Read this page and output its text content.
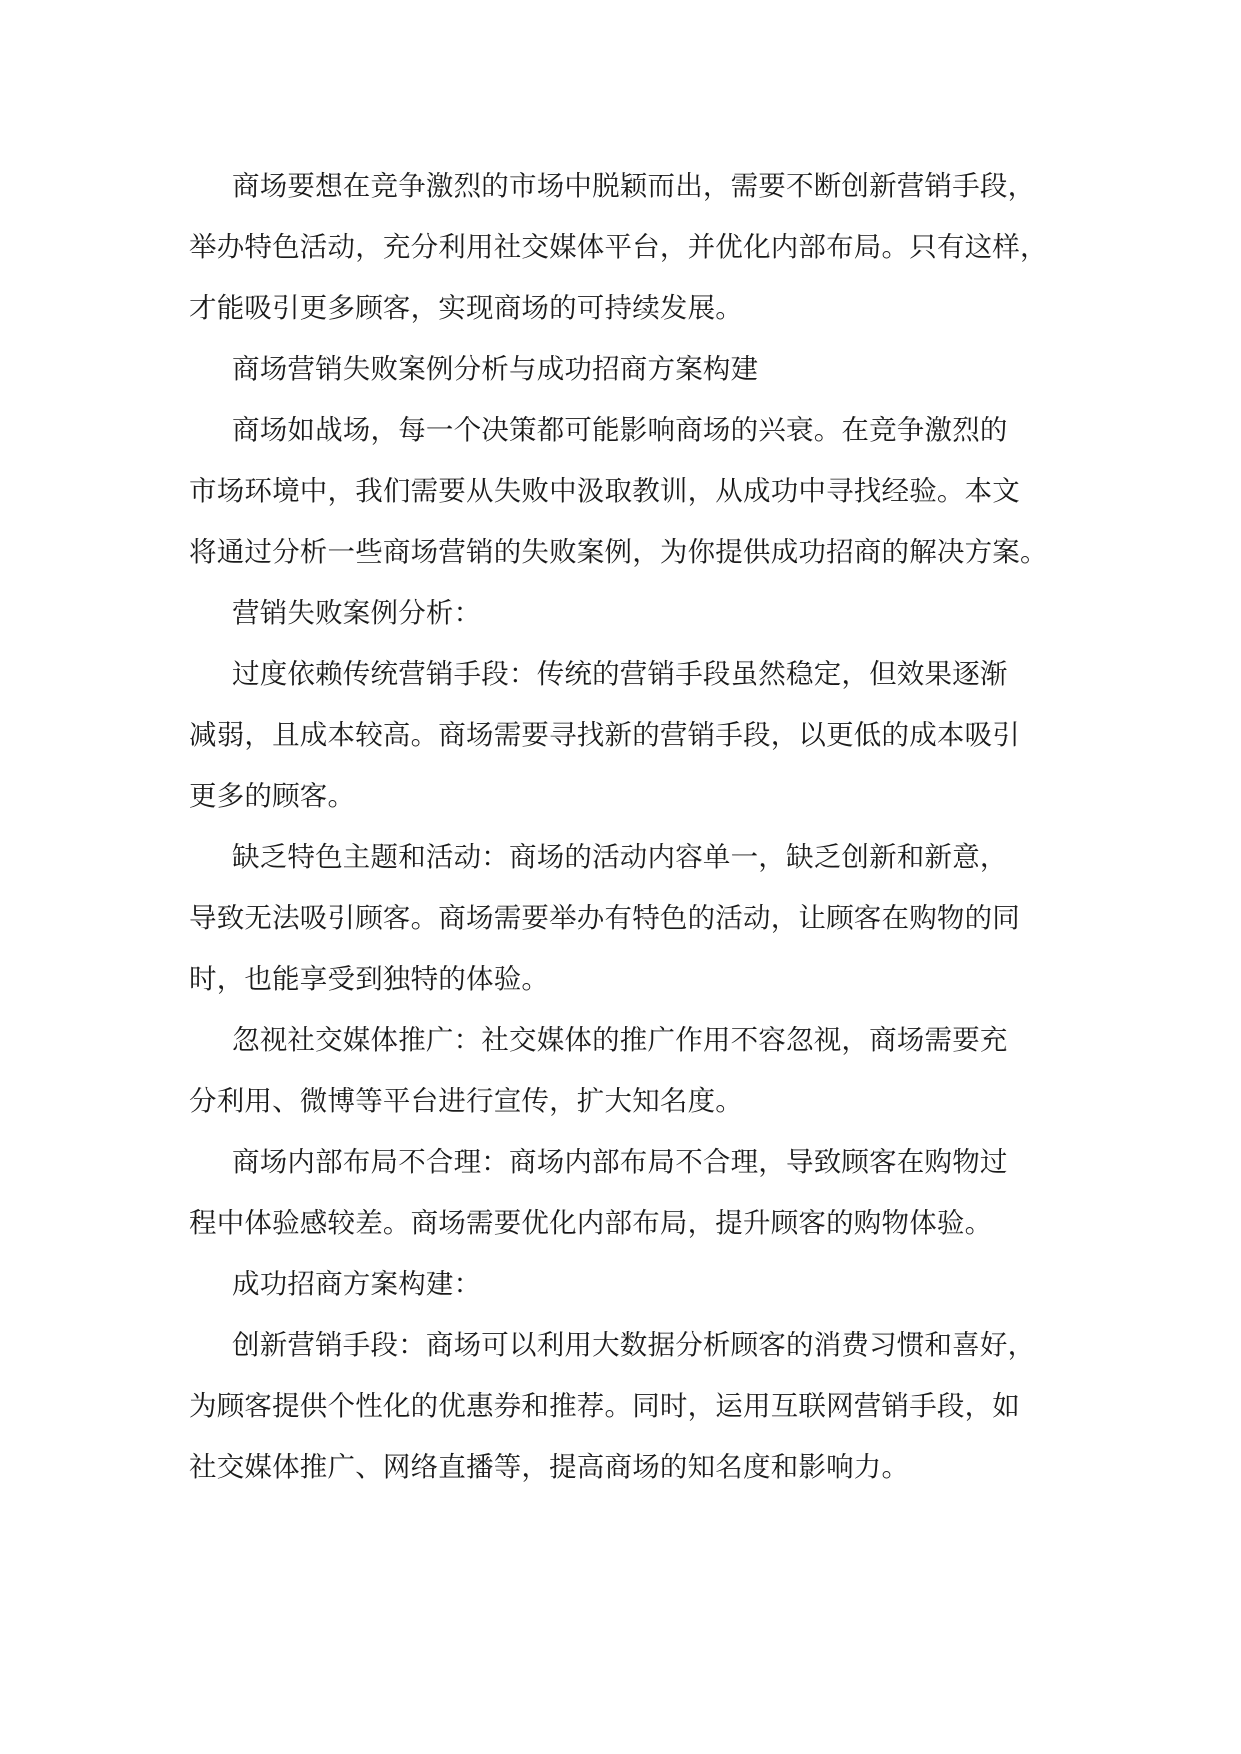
商场要想在竞争激烈的市场中脱颖而出，需要不断创新营销手段，
举办特色活动，充分利用社交媒体平台，并优化内部布局。只有这样，
才能吸引更多顾客，实现商场的可持续发展。

商场营销失败案例分析与成功招商方案构建

商场如战场，每一个决策都可能影响商场的兴衰。在竞争激烈的
市场环境中，我们需要从失败中汲取教训，从成功中寻找经验。本文
将通过分析一些商场营销的失败案例，为你提供成功招商的解决方案。

营销失败案例分析：

过度依赖传统营销手段：传统的营销手段虽然稳定，但效果逐渐
减弱，且成本较高。商场需要寻找新的营销手段，以更低的成本吸引
更多的顾客。

缺乏特色主题和活动：商场的活动内容单一，缺乏创新和新意，
导致无法吸引顾客。商场需要举办有特色的活动，让顾客在购物的同
时，也能享受到独特的体验。

忽视社交媒体推广：社交媒体的推广作用不容忽视，商场需要充
分利用、微博等平台进行宣传，扩大知名度。

商场内部布局不合理：商场内部布局不合理，导致顾客在购物过
程中体验感较差。商场需要优化内部布局，提升顾客的购物体验。

成功招商方案构建：

创新营销手段：商场可以利用大数据分析顾客的消费习惯和喜好，
为顾客提供个性化的优惠券和推荐。同时，运用互联网营销手段，如
社交媒体推广、网络直播等，提高商场的知名度和影响力。
